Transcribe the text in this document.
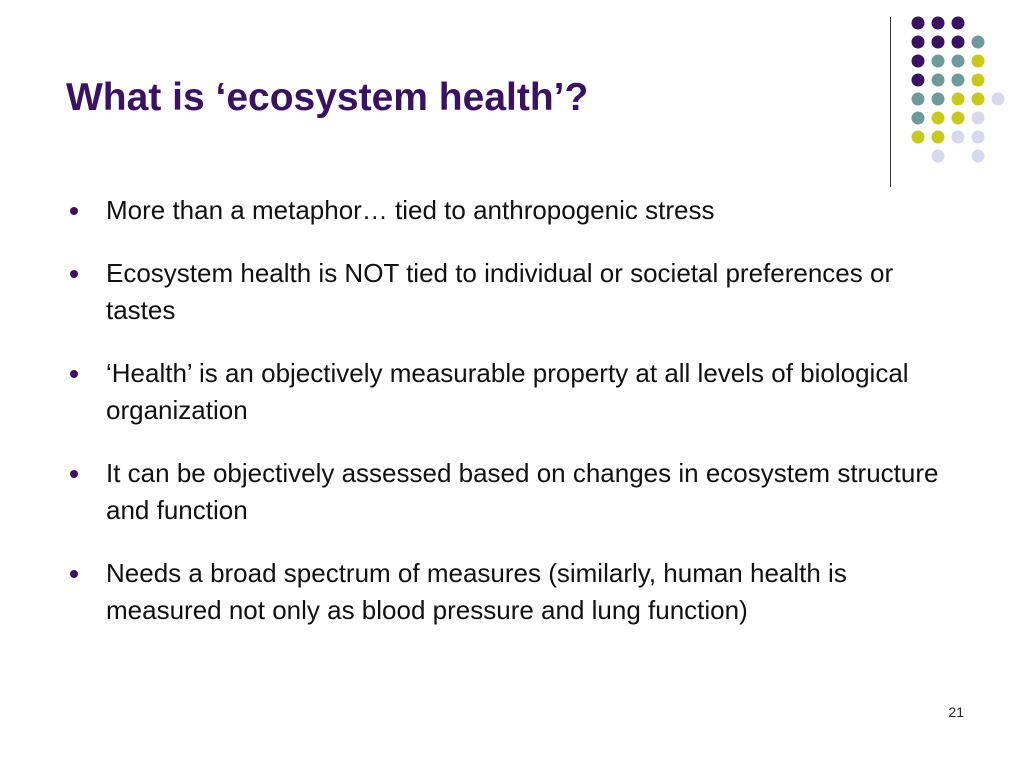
What is ‘ecosystem health’?
More than a metaphor… tied to anthropogenic stress
Ecosystem health is NOT tied to individual or societal preferences or tastes
‘Health’ is an objectively measurable property at all levels of biological organization
It can be objectively assessed based on changes in ecosystem structure and function
Needs a broad spectrum of measures (similarly, human health is measured not only as blood pressure and lung function)
21
